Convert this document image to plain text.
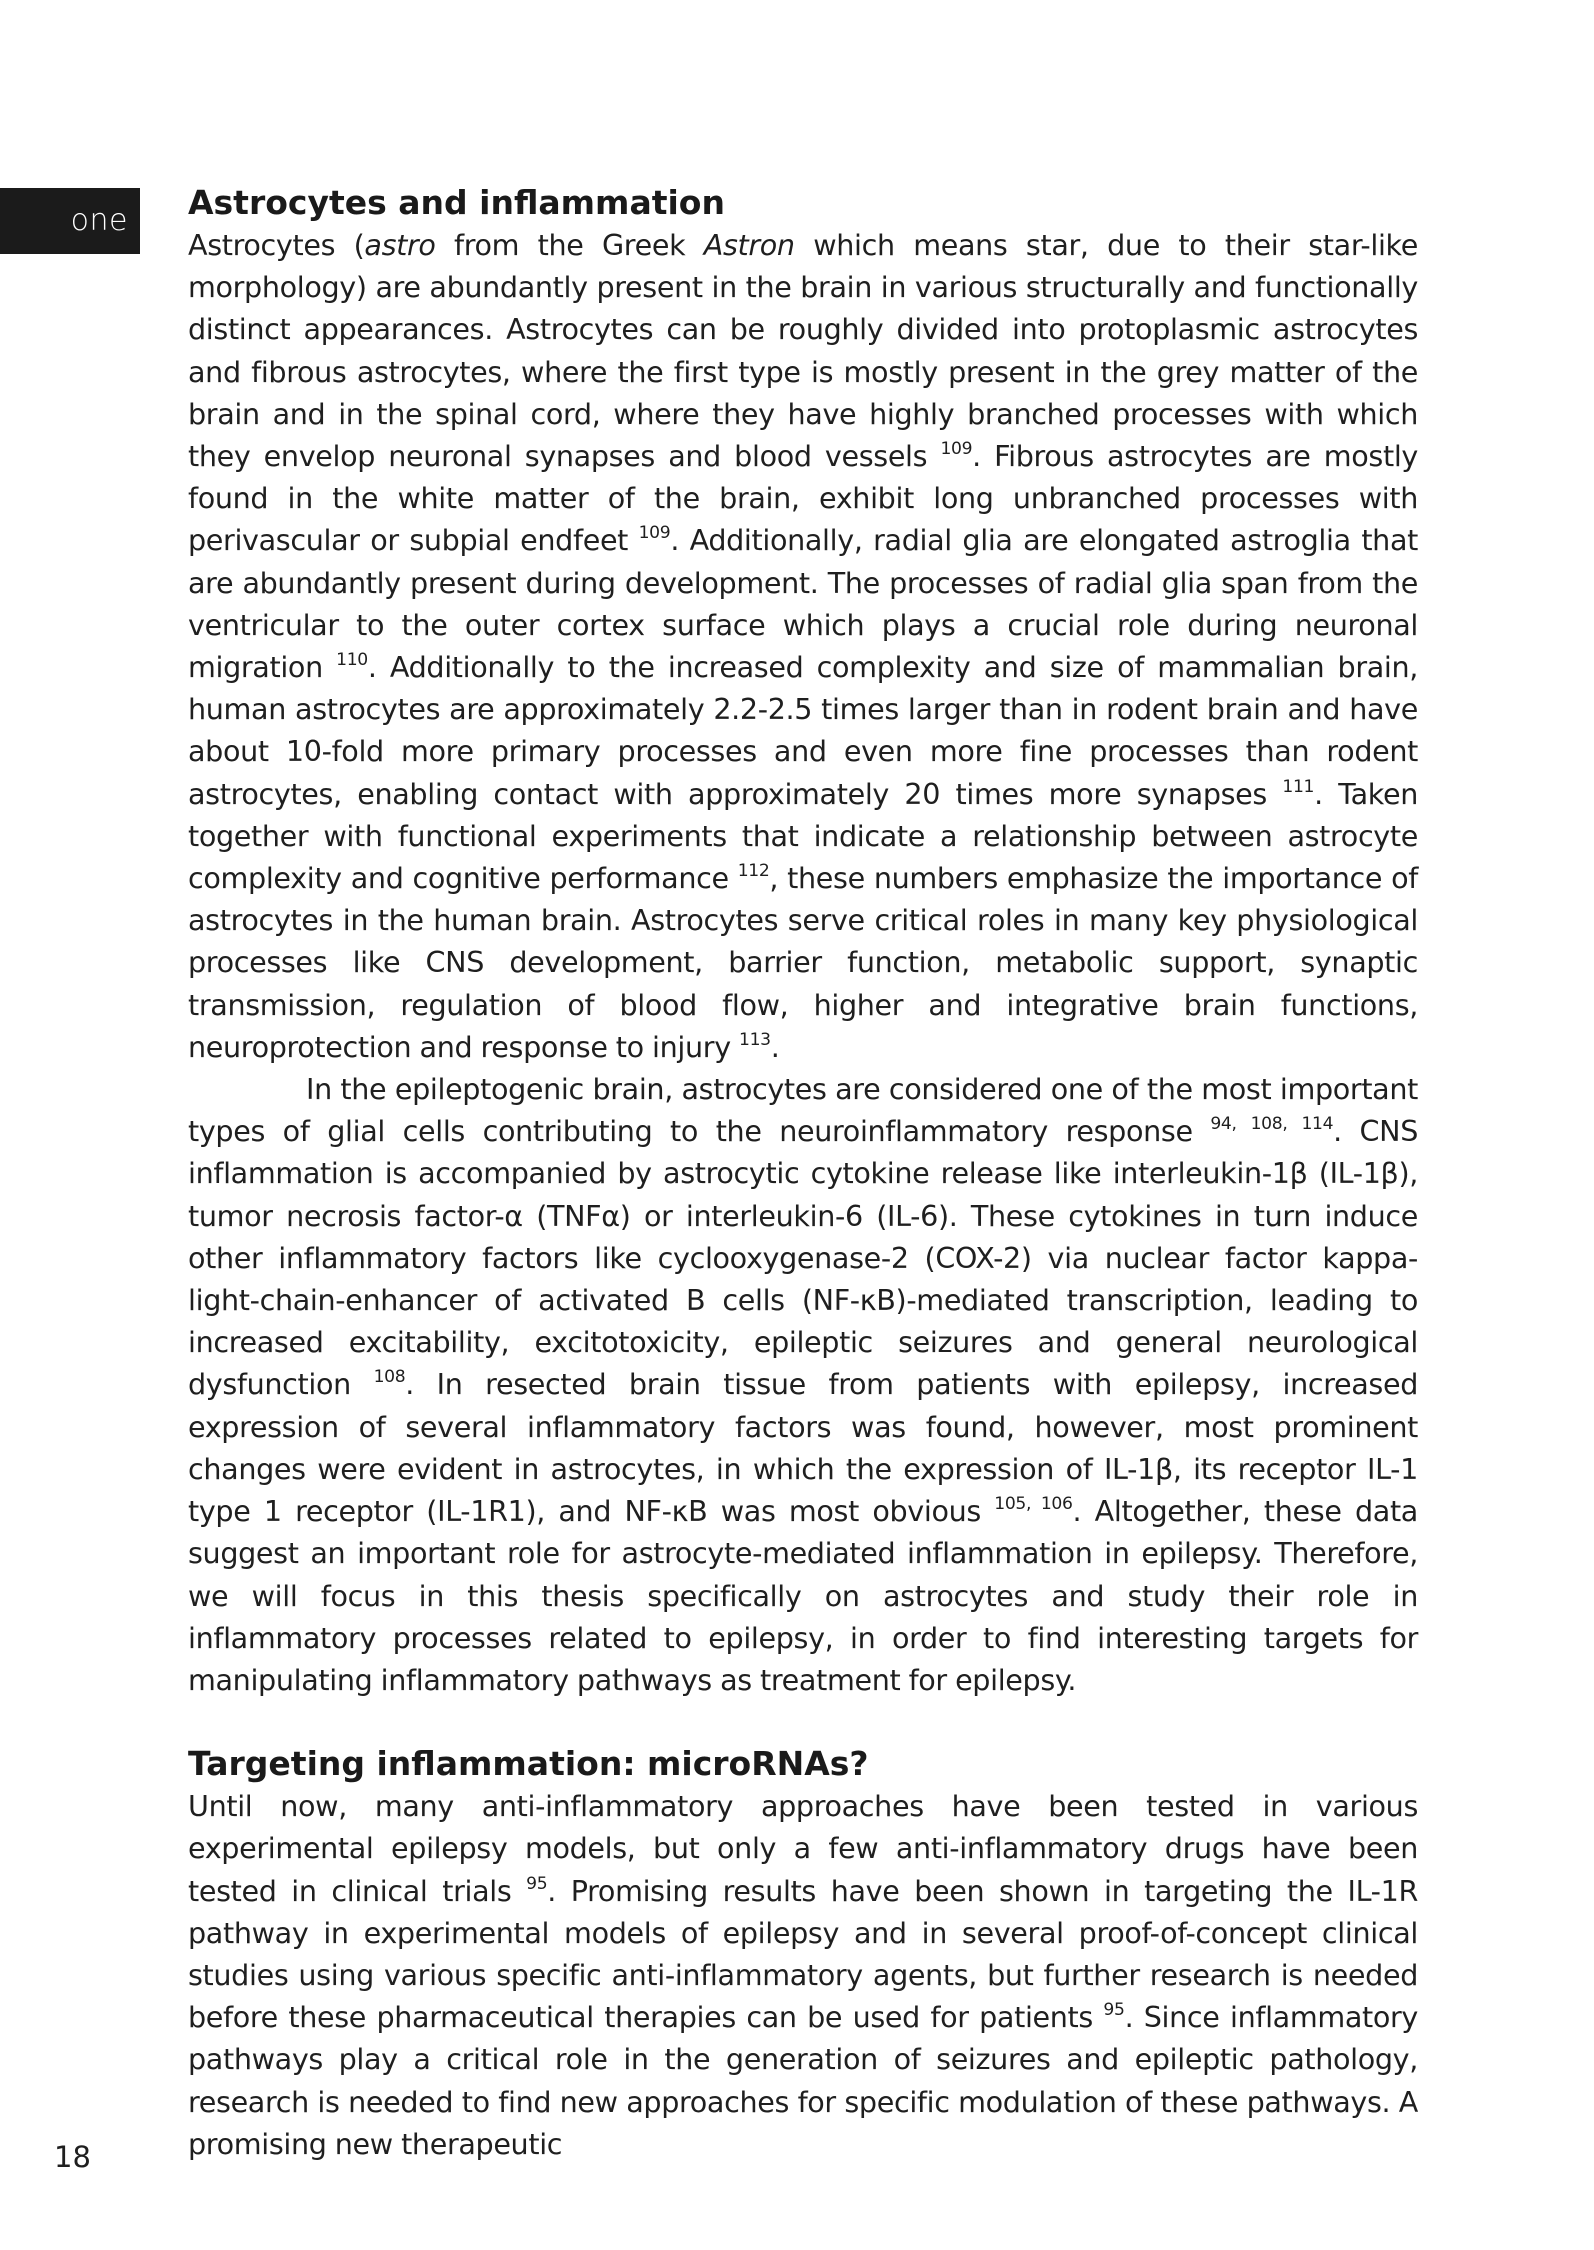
one	Astrocytes and inflammation

Astrocytes (astro from the Greek Astron which means star, due to their star-like morphology) are abundantly present in the brain in various structurally and functionally distinct appearances. Astrocytes can be roughly divided into protoplasmic astrocytes and fibrous astrocytes, where the first type is mostly present in the grey matter of the brain and in the spinal cord, where they have highly branched processes with which they envelop neuronal synapses and blood vessels $^{109}$. Fibrous astrocytes are mostly found in the white matter of the brain, exhibit long unbranched processes with perivascular or subpial endfeet $^{109}$. Additionally, radial glia are elongated astroglia that are abundantly present during development. The processes of radial glia span from the ventricular to the outer cortex surface which plays a crucial role during neuronal migration $^{110}$. Additionally to the increased complexity and size of mammalian brain, human astrocytes are approximately 2.2-2.5 times larger than in rodent brain and have about 10-fold more primary processes and even more fine processes than rodent astrocytes, enabling contact with approximately 20 times more synapses $^{111}$. Taken together with functional experiments that indicate a relationship between astrocyte complexity and cognitive performance $^{112}$, these numbers emphasize the importance of astrocytes in the human brain. Astrocytes serve critical roles in many key physiological processes like CNS development, barrier function, metabolic support, synaptic transmission, regulation of blood flow, higher and integrative brain functions, neuroprotection and response to injury $^{113}$.

In the epileptogenic brain, astrocytes are considered one of the most important types of glial cells contributing to the neuroinflammatory response $^{94, 108, 114}$. CNS inflammation is accompanied by astrocytic cytokine release like interleukin-1β (IL-1β), tumor necrosis factor-α (TNFα) or interleukin-6 (IL-6). These cytokines in turn induce other inflammatory factors like cyclooxygenase-2 (COX-2) via nuclear factor kappa-light-chain-enhancer of activated B cells (NF-κB)-mediated transcription, leading to increased excitability, excitotoxicity, epileptic seizures and general neurological dysfunction $^{108}$. In resected brain tissue from patients with epilepsy, increased expression of several inflammatory factors was found, however, most prominent changes were evident in astrocytes, in which the expression of IL-1β, its receptor IL-1 type 1 receptor (IL-1R1), and NF-κB was most obvious $^{105, 106}$. Altogether, these data suggest an important role for astrocyte-mediated inflammation in epilepsy. Therefore, we will focus in this thesis specifically on astrocytes and study their role in inflammatory processes related to epilepsy, in order to find interesting targets for manipulating inflammatory pathways as treatment for epilepsy.

Targeting inflammation: microRNAs?

Until now, many anti-inflammatory approaches have been tested in various experimental epilepsy models, but only a few anti-inflammatory drugs have been tested in clinical trials $^{95}$. Promising results have been shown in targeting the IL-1R pathway in experimental models of epilepsy and in several proof-of-concept clinical studies using various specific anti-inflammatory agents, but further research is needed before these pharmaceutical therapies can be used for patients $^{95}$. Since inflammatory pathways play a critical role in the generation of seizures and epileptic pathology, research is needed to find new approaches for specific modulation of these pathways. A promising new therapeutic

18
